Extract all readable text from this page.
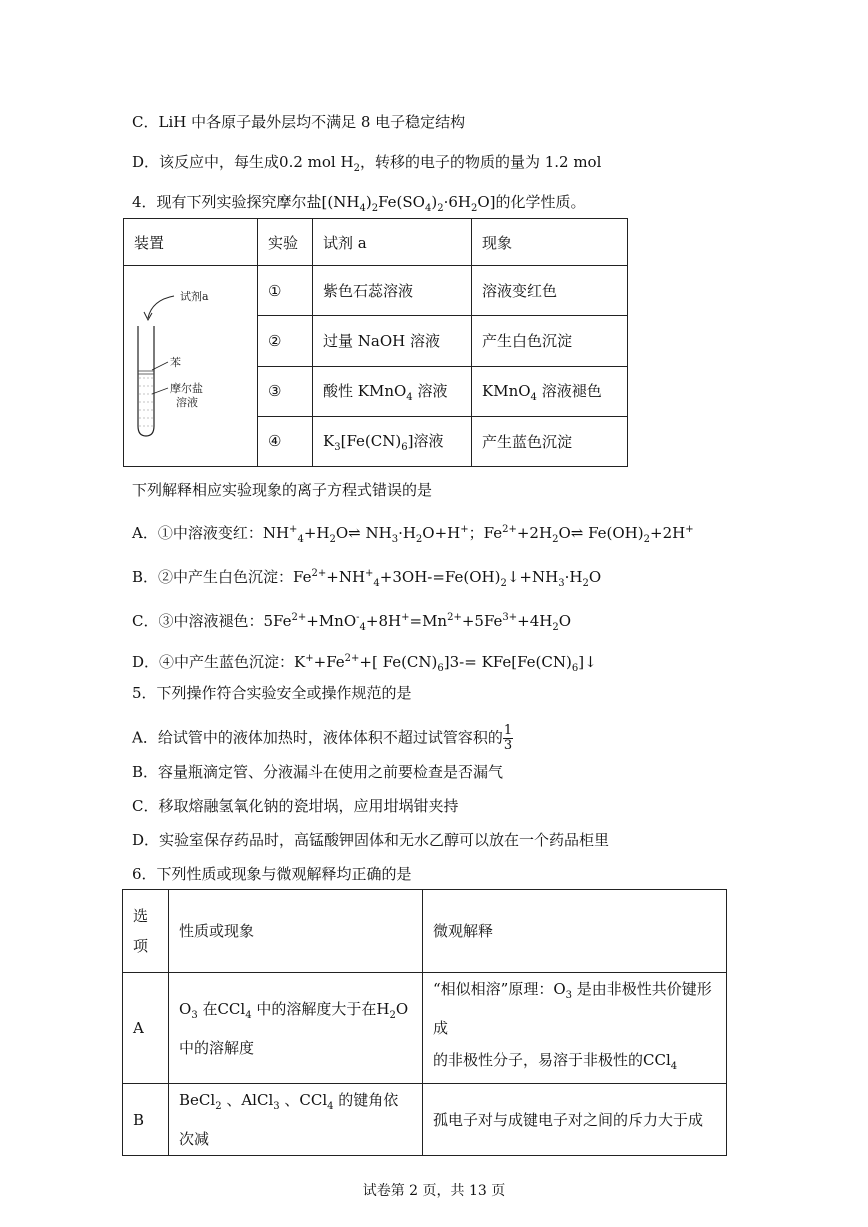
C．LiH 中各原子最外层均不满足 8 电子稳定结构
D．该反应中，每生成0.2 mol $H_2$，转移的电子的物质的量为 1.2 mol
4．现有下列实验探究摩尔盐$[(NH_4)_2Fe(SO_4)_2\cdot 6H_2O]$的化学性质。
装置	实验	试剂 a	现象

试剂a
苯
摩尔盐
溶液	①	紫色石蕊溶液	溶液变红色
	②	过量 NaOH 溶液	产生白色沉淀
	③	酸性 KMnO$_4$ 溶液	KMnO$_4$ 溶液褪色
	④	$K_3[Fe(CN)_6]$溶液	产生蓝色沉淀
下列解释相应实验现象的离子方程式错误的是
A．①中溶液变红：$NH^+_4+H_2O\rightleftharpoons$ $NH_3\cdot H_2O+H^+$；$Fe^{2+}+2H_2O\rightleftharpoons$ $Fe(OH)_2+2H^+$
B．②中产生白色沉淀：$Fe^{2+}+NH^+_4+3OH-=Fe(OH)_2↓+NH_3\cdot H_2O$
C．③中溶液褪色：$5Fe^{2+}+MnO^-_4+8H^+=Mn^{2+}+5Fe^{3+}+4H_2O$
D．④中产生蓝色沉淀：$K^++Fe^{2+}+$[ $Fe(CN)_6]3-=$ $KFe[Fe(CN)_6]↓$
5．下列操作符合实验安全或操作规范的是
A．给试管中的液体加热时，液体体积不超过试管容积的 $\frac{1}{3}$
B．容量瓶滴定管、分液漏斗在使用之前要检查是否漏气
C．移取熔融氢氧化钠的瓷坩埚，应用坩埚钳夹持
D．实验室保存药品时，高锰酸钾固体和无水乙醇可以放在一个药品柜里
6．下列性质或现象与微观解释均正确的是
选
项	性质或现象	微观解释
A	$O_3$ 在CCl$_4$ 中的溶解度大于在$H_2O$
中的溶解度	“相似相溶”原理：$O_3$ 是由非极性共价键形成
的非极性分子，易溶于非极性的CCl$_4$
B	BeCl$_2$ 、AlCl$_3$ 、CCl$_4$ 的键角依次减	孤电子对与成键电子对之间的斥力大于成
试卷第 2 页，共 13 页
